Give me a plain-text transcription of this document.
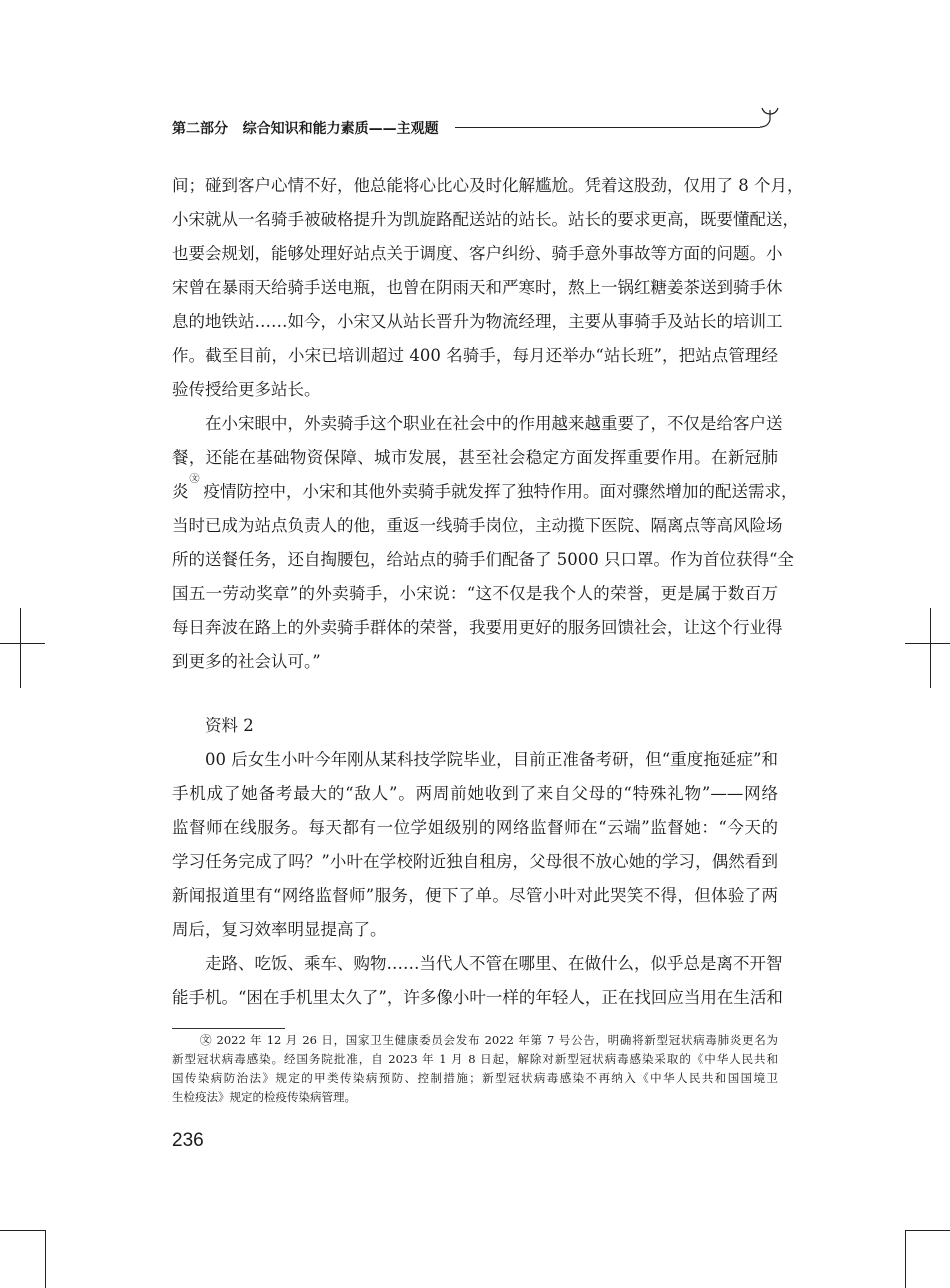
第二部分 综合知识和能力素质——主观题
间；碰到客户心情不好，他总能将心比心及时化解尴尬。凭着这股劲，仅用了 8 个月，
小宋就从一名骑手被破格提升为凯旋路配送站的站长。站长的要求更高，既要懂配送，
也要会规划，能够处理好站点关于调度、客户纠纷、骑手意外事故等方面的问题。小
宋曾在暴雨天给骑手送电瓶，也曾在阴雨天和严寒时，熬上一锅红糖姜茶送到骑手休
息的地铁站……如今，小宋又从站长晋升为物流经理，主要从事骑手及站长的培训工
作。截至目前，小宋已培训超过 400 名骑手，每月还举办“站长班”，把站点管理经
验传授给更多站长。
在小宋眼中，外卖骑手这个职业在社会中的作用越来越重要了，不仅是给客户送
餐，还能在基础物资保障、城市发展，甚至社会稳定方面发挥重要作用。在新冠肺
炎
㉆
疫情防控中，小宋和其他外卖骑手就发挥了独特作用。面对骤然增加的配送需求，
当时已成为站点负责人的他，重返一线骑手岗位，主动揽下医院、隔离点等高风险场
所的送餐任务，还自掏腰包，给站点的骑手们配备了 5000 只口罩。作为首位获得“全
国五一劳动奖章”的外卖骑手，小宋说：“这不仅是我个人的荣誉，更是属于数百万
每日奔波在路上的外卖骑手群体的荣誉，我要用更好的服务回馈社会，让这个行业得
到更多的社会认可。”
资料 2
00 后女生小叶今年刚从某科技学院毕业，目前正准备考研，但“重度拖延症”和
手机成了她备考最大的“敌人”。两周前她收到了来自父母的“特殊礼物”——网络
监督师在线服务。每天都有一位学姐级别的网络监督师在“云端”监督她：“今天的
学习任务完成了吗？”小叶在学校附近独自租房，父母很不放心她的学习，偶然看到
新闻报道里有“网络监督师”服务，便下了单。尽管小叶对此哭笑不得，但体验了两
周后，复习效率明显提高了。
走路、吃饭、乘车、购物……当代人不管在哪里、在做什么，似乎总是离不开智
能手机。“困在手机里太久了”，许多像小叶一样的年轻人，正在找回应当用在生活和
㉆ 2022 年 12 月 26 日，国家卫生健康委员会发布 2022 年第 7 号公告，明确将新型冠状病毒肺炎更名为
新型冠状病毒感染。经国务院批准，自 2023 年 1 月 8 日起，解除对新型冠状病毒感染采取的《中华人民共和
国传染病防治法》规定的甲类传染病预防、控制措施；新型冠状病毒感染不再纳入《中华人民共和国国境卫
生检疫法》规定的检疫传染病管理。
236
